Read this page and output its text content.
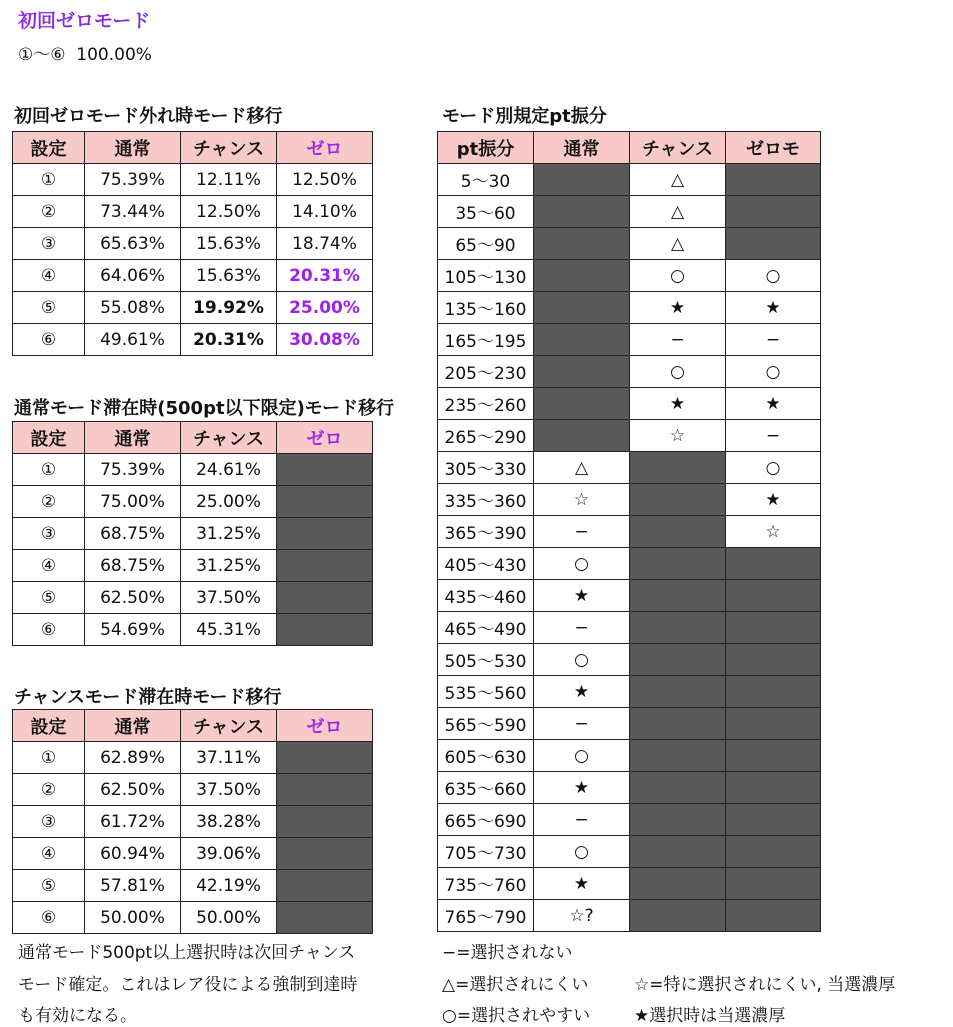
初回ゼロモード
①〜⑥  100.00%
初回ゼロモード外れ時モード移行
設定	通常	チャンス	ゼロ
①	75.39%	12.11%	12.50%
②	73.44%	12.50%	14.10%
③	65.63%	15.63%	18.74%
④	64.06%	15.63%	20.31%
⑤	55.08%	19.92%	25.00%
⑥	49.61%	20.31%	30.08%
通常モード滞在時(500pt以下限定)モード移行
設定	通常	チャンス	ゼロ
①	75.39%	24.61%	
②	75.00%	25.00%	
③	68.75%	31.25%	
④	68.75%	31.25%	
⑤	62.50%	37.50%	
⑥	54.69%	45.31%	
チャンスモード滞在時モード移行
設定	通常	チャンス	ゼロ
①	62.89%	37.11%	
②	62.50%	37.50%	
③	61.72%	38.28%	
④	60.94%	39.06%	
⑤	57.81%	42.19%	
⑥	50.00%	50.00%	
通常モード500pt以上選択時は次回チャンス
モード確定。これはレア役による強制到達時
も有効になる。
モード別規定pt振分
pt振分	通常	チャンス	ゼロモ
5〜30		△	
35〜60		△	
65〜90		△	
105〜130		○	○
135〜160		★	★
165〜195		−	−
205〜230		○	○
235〜260		★	★
265〜290		☆	−
305〜330	△		○
335〜360	☆		★
365〜390	−		☆
405〜430	○		
435〜460	★		
465〜490	−		
505〜530	○		
535〜560	★		
565〜590	−		
605〜630	○		
635〜660	★		
665〜690	−		
705〜730	○		
735〜760	★		
765〜790	☆?		
−=選択されない
△=選択されにくい	☆=特に選択されにくい, 当選濃厚
○=選択されやすい	★選択時は当選濃厚
